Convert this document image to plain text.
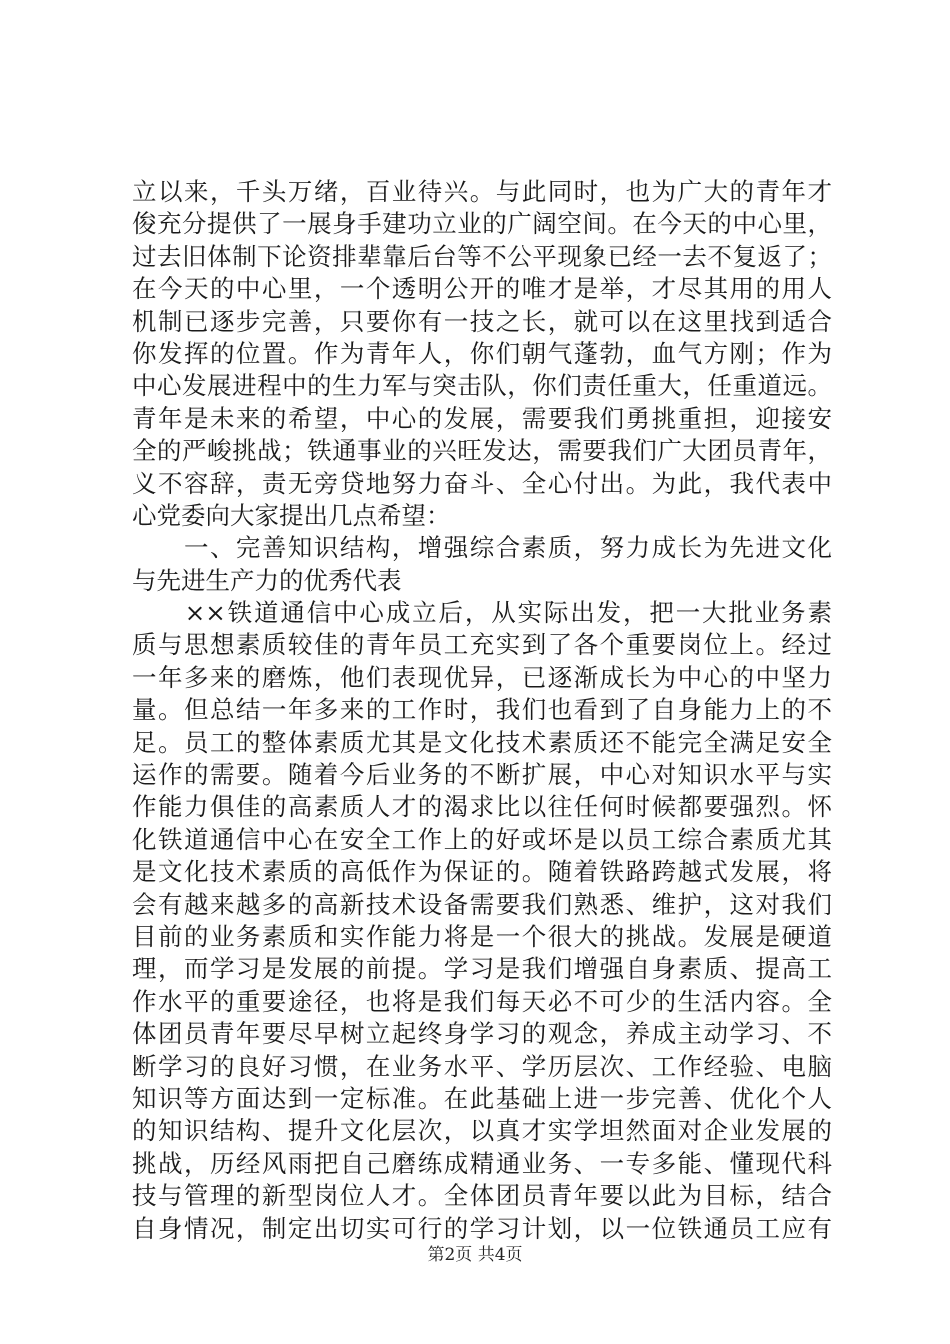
立以来，千头万绪，百业待兴。与此同时，也为广大的青年才
俊充分提供了一展身手建功立业的广阔空间。在今天的中心里，
过去旧体制下论资排辈靠后台等不公平现象已经一去不复返了；
在今天的中心里，一个透明公开的唯才是举，才尽其用的用人
机制已逐步完善，只要你有一技之长，就可以在这里找到适合
你发挥的位置。作为青年人，你们朝气蓬勃，血气方刚；作为
中心发展进程中的生力军与突击队，你们责任重大，任重道远。
青年是未来的希望，中心的发展，需要我们勇挑重担，迎接安
全的严峻挑战；铁通事业的兴旺发达，需要我们广大团员青年，
义不容辞，责无旁贷地努力奋斗、全心付出。为此，我代表中
心党委向大家提出几点希望：
　　一、完善知识结构，增强综合素质，努力成长为先进文化
与先进生产力的优秀代表
　　××铁道通信中心成立后，从实际出发，把一大批业务素
质与思想素质较佳的青年员工充实到了各个重要岗位上。经过
一年多来的磨炼，他们表现优异，已逐渐成长为中心的中坚力
量。但总结一年多来的工作时，我们也看到了自身能力上的不
足。员工的整体素质尤其是文化技术素质还不能完全满足安全
运作的需要。随着今后业务的不断扩展，中心对知识水平与实
作能力俱佳的高素质人才的渴求比以往任何时候都要强烈。怀
化铁道通信中心在安全工作上的好或坏是以员工综合素质尤其
是文化技术素质的高低作为保证的。随着铁路跨越式发展，将
会有越来越多的高新技术设备需要我们熟悉、维护，这对我们
目前的业务素质和实作能力将是一个很大的挑战。发展是硬道
理，而学习是发展的前提。学习是我们增强自身素质、提高工
作水平的重要途径，也将是我们每天必不可少的生活内容。全
体团员青年要尽早树立起终身学习的观念，养成主动学习、不
断学习的良好习惯，在业务水平、学历层次、工作经验、电脑
知识等方面达到一定标准。在此基础上进一步完善、优化个人
的知识结构、提升文化层次，以真才实学坦然面对企业发展的
挑战，历经风雨把自己磨练成精通业务、一专多能、懂现代科
技与管理的新型岗位人才。全体团员青年要以此为目标，结合
自身情况，制定出切实可行的学习计划，以一位铁通员工应有
第2页 共4页
